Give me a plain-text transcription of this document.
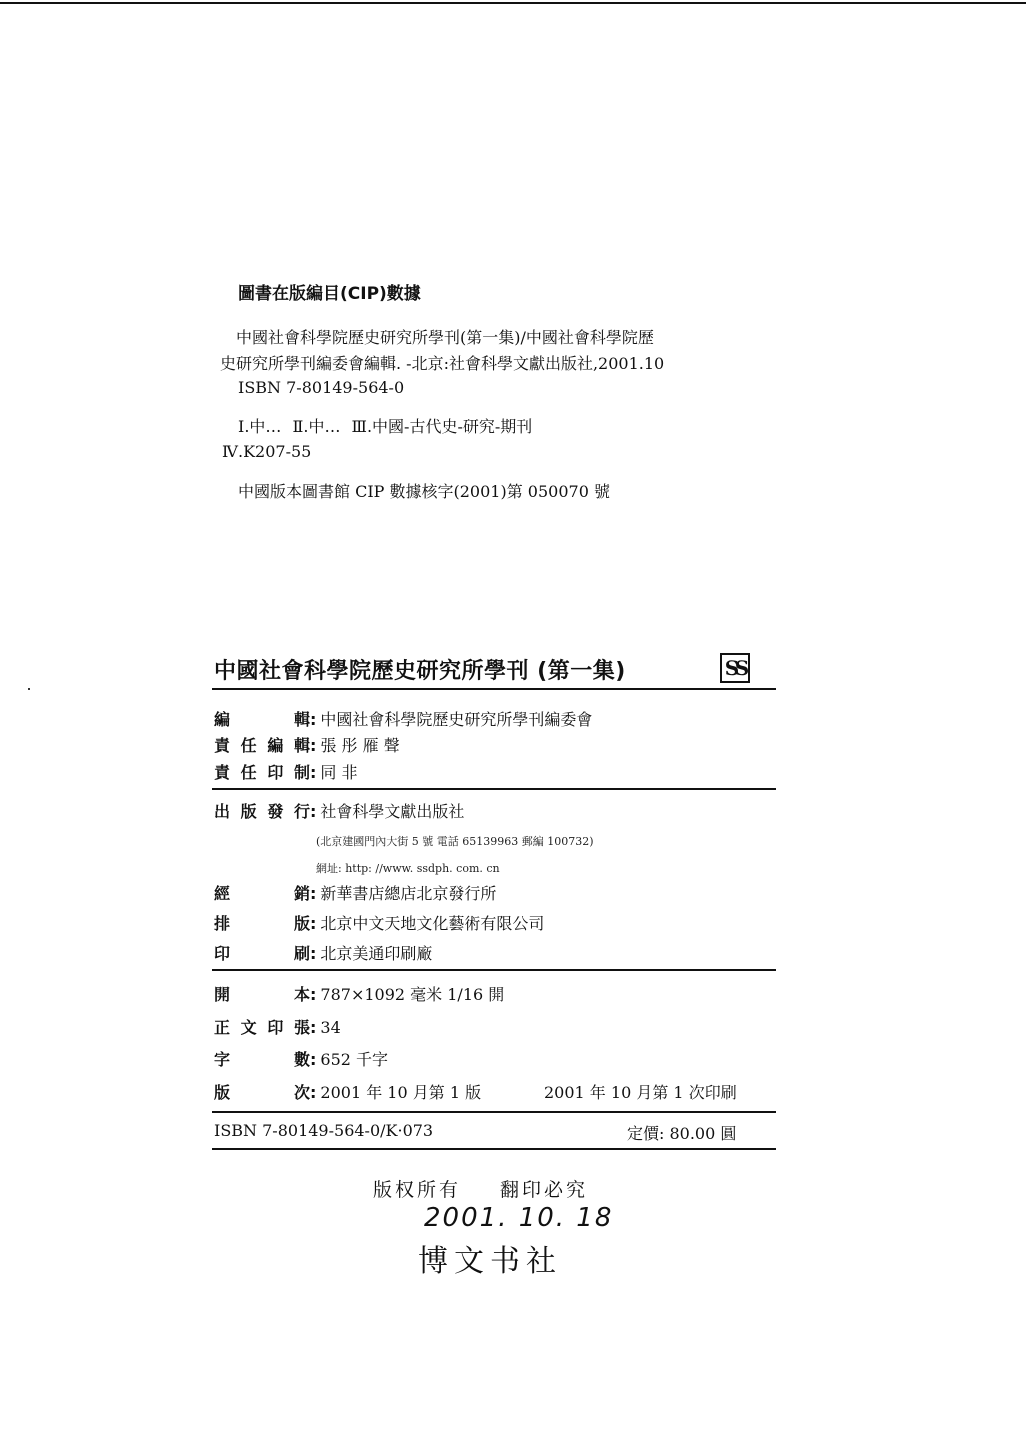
圖書在版編目(CIP)數據
中國社會科學院歷史研究所學刊(第一集)/中國社會科學院歷
史研究所學刊編委會編輯. -北京:社會科學文獻出版社,2001.10
ISBN 7-80149-564-0
Ⅰ.中… Ⅱ.中… Ⅲ.中國-古代史-研究-期刊
Ⅳ.K207-55
中國版本圖書館 CIP 數據核字(2001)第 050070 號
中國社會科學院歷史研究所學刊 (第一集)	SS
編輯: 中國社會科學院歷史研究所學刊編委會
責任編輯: 張 彤 雁 聲
責任印制: 同 非
出版發行: 社會科學文獻出版社
(北京建國門內大街 5 號 電話 65139963 郵編 100732)
網址: http: //www. ssdph. com. cn
經銷: 新華書店總店北京發行所
排版: 北京中文天地文化藝術有限公司
印刷: 北京美通印刷廠
開本: 787×1092 毫米 1/16 開
正文印張: 34
字數: 652 千字
版次: 2001 年 10 月第 1 版	2001 年 10 月第 1 次印刷
ISBN 7-80149-564-0/K·073	定價: 80.00 圓
版权所有 翻印必究
2001. 10. 18
博文书社
